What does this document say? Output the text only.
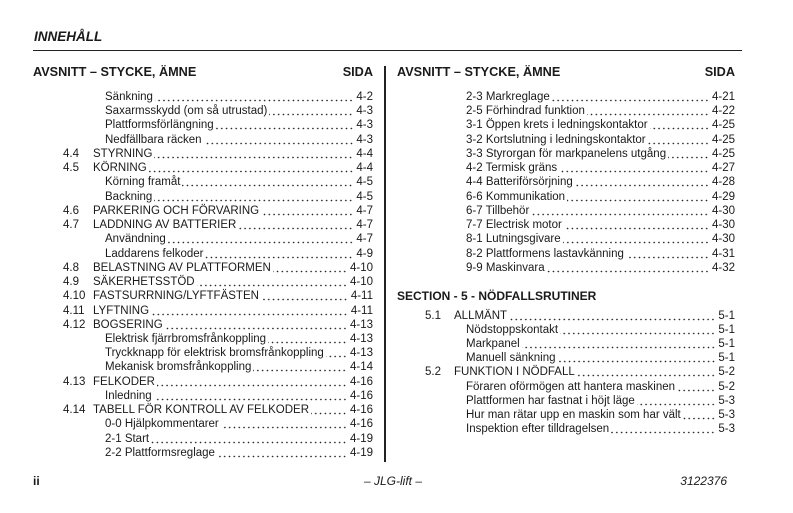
INNEHÅLL
AVSNITT – STYCKE, ÄMNE	SIDA
Sänkning	4-2
Saxarmsskydd (om så utrustad)	4-3
Plattformsförlängning	4-3
Nedfällbara räcken	4-3
4.4 STYRNING	4-4
4.5 KÖRNING	4-4
Körning framåt	4-5
Backning	4-5
4.6 PARKERING OCH FÖRVARING	4-7
4.7 LADDNING AV BATTERIER	4-7
Användning	4-7
Laddarens felkoder	4-9
4.8 BELASTNING AV PLATTFORMEN	4-10
4.9 SÄKERHETSSTÖD	4-10
4.10 FASTSURRNING/LYFTFÄSTEN	4-11
4.11 LYFTNING	4-11
4.12 BOGSERING	4-13
Elektrisk fjärrbromsfrånkoppling	4-13
Tryckknapp för elektrisk bromsfrånkoppling 4-13
Mekanisk bromsfrånkoppling	4-14
4.13 FELKODER	4-16
Inledning	4-16
4.14 TABELL FÖR KONTROLL AV FELKODER	4-16
0-0 Hjälpkommentarer	4-16
2-1 Start	4-19
2-2 Plattformsreglage	4-19
AVSNITT – STYCKE, ÄMNE	SIDA
2-3 Markreglage	4-21
2-5 Förhindrad funktion	4-22
3-1 Öppen krets i ledningskontaktor	4-25
3-2 Kortslutning i ledningskontaktor	4-25
3-3 Styrorgan för markpanelens utgång	4-25
4-2 Termisk gräns	4-27
4-4 Batteriförsörjning	4-28
6-6 Kommunikation	4-29
6-7 Tillbehör	4-30
7-7 Electrisk motor	4-30
8-1 Lutningsgivare	4-30
8-2 Plattformens lastavkänning	4-31
9-9 Maskinvara	4-32
SECTION - 5 - NÖDFALLSRUTINER
5.1 ALLMÄNT	5-1
Nödstoppskontakt	5-1
Markpanel	5-1
Manuell sänkning	5-1
5.2 FUNKTION I NÖDFALL	5-2
Föraren oförmögen att hantera maskinen	5-2
Plattformen har fastnat i höjt läge	5-3
Hur man rätar upp en maskin som har vält	5-3
Inspektion efter tilldragelsen	5-3
ii	– JLG-lift –	3122376
